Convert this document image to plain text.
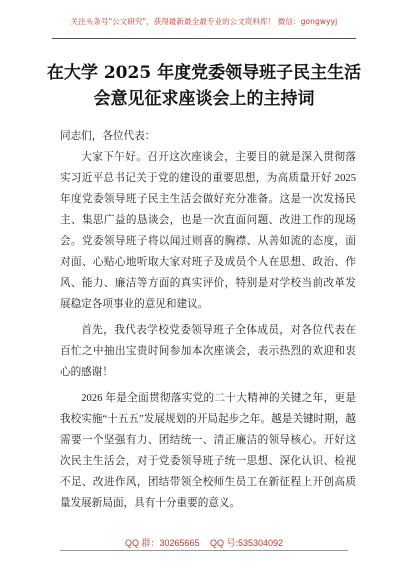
关注头条号"公文研究"，获得最新最全最专业的公文资料库！ 微信：gongwyyj
在大学 2025 年度党委领导班子民主生活
会意见征求座谈会上的主持词

同志们，各位代表：

大家下午好。召开这次座谈会，主要目的就是深入贯彻落实习近平总书记关于党的建设的重要思想，为高质量开好 2025 年度党委领导班子民主生活会做好充分准备。这是一次发扬民主、集思广益的恳谈会，也是一次直面问题、改进工作的现场会。党委领导班子将以闻过则喜的胸襟、从善如流的态度，面对面、心贴心地听取大家对班子及成员个人在思想、政治、作风、能力、廉洁等方面的真实评价，特别是对学校当前改革发展稳定各项事业的意见和建议。

首先，我代表学校党委领导班子全体成员，对各位代表在百忙之中抽出宝贵时间参加本次座谈会，表示热烈的欢迎和衷心的感谢！

2026 年是全面贯彻落实党的二十大精神的关键之年，更是我校实施“十五五”发展规划的开局起步之年。越是关键时期，越需要一个坚强有力、团结统一、清正廉洁的领导核心。开好这次民主生活会，对于党委领导班子统一思想、深化认识、检视不足、改进作风，团结带领全校师生员工在新征程上开创高质量发展新局面，具有十分重要的意义。

QQ 群：30265665 QQ 号:535304092
